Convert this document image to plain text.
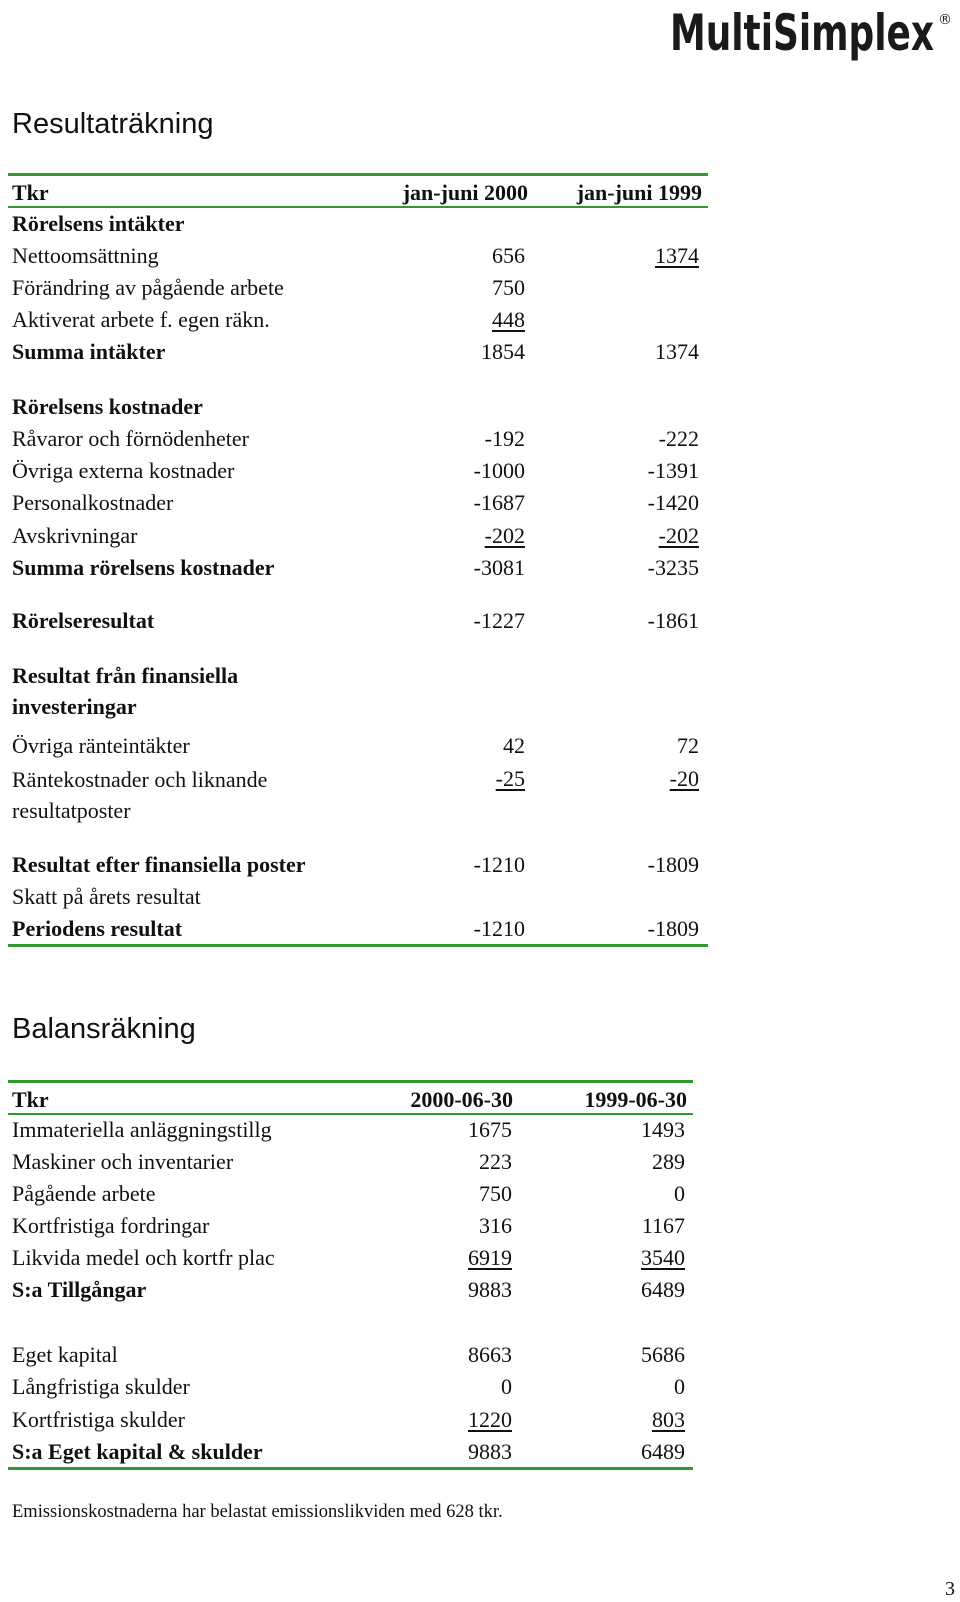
MultiSimplex ®
Resultaträkning
Tkr	jan-juni 2000	jan-juni 1999
Rörelsens intäkter
Nettoomsättning	656	1374
Förändring av pågående arbete	750
Aktiverat arbete f. egen räkn.	448
Summa intäkter	1854	1374
Rörelsens kostnader
Råvaror och förnödenheter	-192	-222
Övriga externa kostnader	-1000	-1391
Personalkostnader	-1687	-1420
Avskrivningar	-202	-202
Summa rörelsens kostnader	-3081	-3235
Rörelseresultat	-1227	-1861
Resultat från finansiella investeringar
Övriga ränteintäkter	42	72
Räntekostnader och liknande resultatposter
-25	-20
Resultat efter finansiella poster	-1210	-1809
Skatt på årets resultat
Periodens resultat	-1210	-1809
Balansräkning
Tkr	2000-06-30	1999-06-30
Immateriella anläggningstillg	1675	1493
Maskiner och inventarier	223	289
Pågående arbete	750	0
Kortfristiga fordringar	316	1167
Likvida medel och kortfr plac	6919	3540
S:a Tillgångar	9883	6489
Eget kapital	8663	5686
Långfristiga skulder	0	0
Kortfristiga skulder	1220	803
S:a Eget kapital & skulder	9883	6489
Emissionskostnaderna har belastat emissionslikviden med 628 tkr.
3
